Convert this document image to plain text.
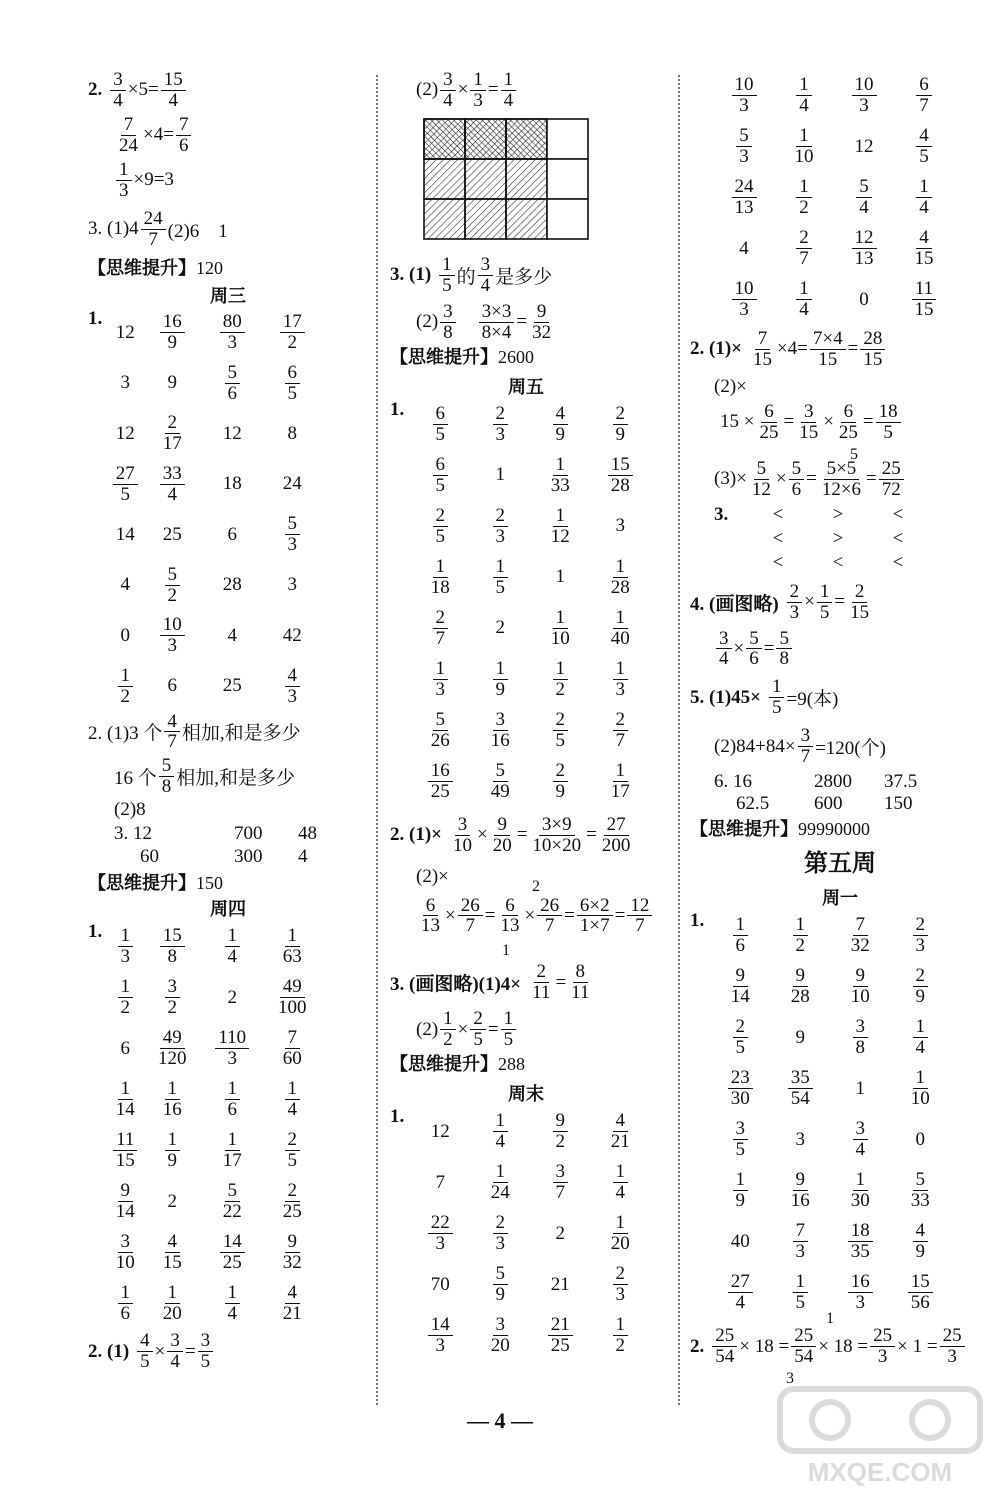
2. $\frac{3}{4} \times 5= \frac{15}{4}$
$\frac{7}{24} \times 4= \frac{7}{6}$
$\frac{1}{3} \times 9=3$
3. $(1)4 \frac{24}{7} (2)6$　1
【思维提升】120
周三
1.
$12 \frac{16}{9} \frac{80}{3} \frac{17}{2}$
3 9	$\frac{5}{6} \frac{6}{5}$
$12 \frac{2}{17} 12$ 8
$\frac{27}{5} \frac{33}{4} 18$ 24
14 25 6	$\frac{5}{3}$
$4 \frac{5}{2} 28$ 3
$0 \frac{10}{3} 4$ 42
$\frac{1}{2} 6$ $25 \frac{4}{3}$
2. (1)3 个 $\frac{4}{7}$ 相加,和是多少
16 个 $\frac{5}{8}$ 相加,和是多少
(2)8
3. 12	700	48
60	300	4
【思维提升】150
周四
1. $\frac{1}{3} \frac{15}{8} \frac{1}{4} \frac{1}{63}$
$\frac{1}{2} \frac{3}{2}$	$2 \frac{49}{100}$
$6 \frac{49}{120} \frac{110}{3} \frac{7}{60}$
$\frac{1}{14} \frac{1}{16} \frac{1}{6} \frac{1}{4}$
$\frac{11}{15} \frac{1}{9} \frac{1}{17} \frac{2}{5}$
$\frac{9}{14} 2 \frac{5}{22} \frac{2}{25}$
$\frac{3}{10} \frac{4}{15} \frac{14}{25} \frac{9}{32}$
$\frac{1}{6} \frac{1}{20} \frac{1}{4} \frac{4}{21}$
2. $(1) \frac{4}{5} \times \frac{3}{4} = \frac{3}{5}$
$(2) \frac{3}{4} \times \frac{1}{3} = \frac{1}{4}$
3. $(1) \frac{1}{5}$ 的 $\frac{3}{4}$ 是多少
$(2) \frac{3}{8}$
　 $\frac{3\times 3}{8\times 4} = \frac{9}{32}$
【思维提升】2600
周五
1. $\frac{6}{5} \frac{2}{3} \frac{4}{9} \frac{2}{9}$
$\frac{6}{5}$	$1 \frac{1}{33} \frac{15}{28}$
$\frac{2}{5} \frac{2}{3} \frac{1}{12} 3$
$\frac{1}{18} \frac{1}{5}$	$1 \frac{1}{28}$
$\frac{2}{7}$	$2 \frac{1}{10} \frac{1}{40}$
$\frac{1}{3} \frac{1}{9} \frac{1}{2} \frac{1}{3}$
$\frac{5}{26} \frac{3}{16} \frac{2}{5} \frac{2}{7}$
$\frac{16}{25} \frac{5}{49} \frac{2}{9} \frac{1}{17}$
2. $(1)\times \frac{3}{10} \times \frac{9}{20} = \frac{3\times 9}{10\times 20} = \frac{27}{200}$
(2)×
$\frac{6}{13} \times \frac{26}{7} = \frac{6}{13} \times \frac{26}{7} = \frac{6\times 2}{1\times 7} = \frac{12}{7}$
2
1
3. (画图略)$(1)4\times \frac{2}{11} = \frac{8}{11}$
$(2) \frac{1}{2} \times \frac{2}{5} = \frac{1}{5}$
【思维提升】288
周末
1.
$12 \frac{1}{4} \frac{9}{2} \frac{4}{21}$
$7 \frac{1}{24} \frac{3}{7} \frac{1}{4}$
$\frac{22}{3} \frac{2}{3}$	$2 \frac{1}{20}$
$70 \frac{5}{9} 21 \frac{2}{3}$
$\frac{14}{3} \frac{3}{20} \frac{21}{25} \frac{1}{2}$
$\frac{10}{3} \frac{1}{4} \frac{10}{3} \frac{6}{7}$
$\frac{5}{3} \frac{1}{10} 12 \frac{4}{5}$
$\frac{24}{13} \frac{1}{2} \frac{5}{4} \frac{1}{4}$
4	$\frac{2}{7} \frac{12}{13} \frac{4}{15}$
$\frac{10}{3} \frac{1}{4}$	$0 \frac{11}{15}$
2. $(1)\times \frac{7}{15} \times 4= \frac{7\times 4}{15} = \frac{28}{15}$
(2)×
$15 \times \frac{6}{25} = \frac{3}{15} \times \frac{6}{25} = \frac{18}{5}$
5
$(3)\times \frac{5}{12} \times \frac{5}{6} = \frac{5\times 5}{12\times 6} = \frac{25}{72}$
3.	<	>	<
<	>	<
<	<	<
4. (画图略) $\frac{2}{3} \times \frac{1}{5} = \frac{2}{15}$
$\frac{3}{4} \times \frac{5}{6} = \frac{5}{8}$
5. $(1)45\times \frac{1}{5} =9$(本)
$(2)84+84\times \frac{3}{7} =120$(个)
6. 16	2800	37.5
62.5	600	150
【思维提升】99990000
第五周
周一
1. $\frac{1}{6} \frac{1}{2} \frac{7}{32} \frac{2}{3}$
$\frac{9}{14} \frac{9}{28} \frac{9}{10} \frac{2}{9}$
$\frac{2}{5}$	9	$\frac{3}{8} \frac{1}{4}$
$\frac{23}{30} \frac{35}{54} 1 \frac{1}{10}$
$\frac{3}{5}$	3	$\frac{3}{4}$	0
$\frac{1}{9} \frac{9}{16} \frac{1}{30} \frac{5}{33}$
$40 \frac{7}{3} \frac{18}{35} \frac{4}{9}$
$\frac{27}{4} \frac{1}{5} \frac{16}{3} \frac{15}{56}$
2. $\frac{25}{54} \times 18 = \frac{25}{54} \times 18 = \frac{25}{3} \times 1 = \frac{25}{3}$
1
3
— 4 —
MXQE.COM
